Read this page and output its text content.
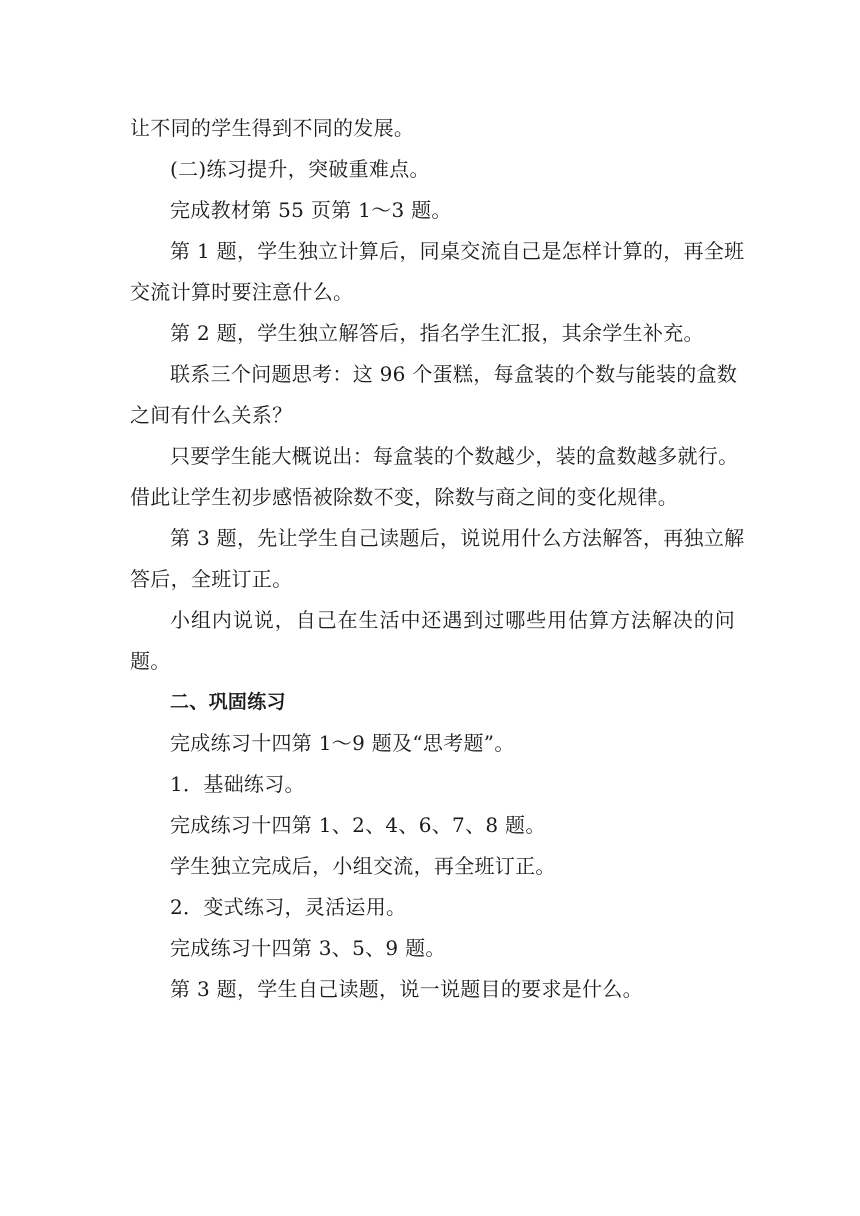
让不同的学生得到不同的发展。
(二)练习提升，突破重难点。
完成教材第 55 页第 1～3 题。
第 1 题，学生独立计算后，同桌交流自己是怎样计算的，再全班
交流计算时要注意什么。
第 2 题，学生独立解答后，指名学生汇报，其余学生补充。
联系三个问题思考：这 96 个蛋糕，每盒装的个数与能装的盒数
之间有什么关系？
只要学生能大概说出：每盒装的个数越少，装的盒数越多就行。
借此让学生初步感悟被除数不变，除数与商之间的变化规律。
第 3 题，先让学生自己读题后，说说用什么方法解答，再独立解
答后，全班订正。
小组内说说，自己在生活中还遇到过哪些用估算方法解决的问
题。
二、巩固练习
完成练习十四第 1～9 题及“思考题”。
1．基础练习。
完成练习十四第 1、2、4、6、7、8 题。
学生独立完成后，小组交流，再全班订正。
2．变式练习，灵活运用。
完成练习十四第 3、5、9 题。
第 3 题，学生自己读题，说一说题目的要求是什么。
